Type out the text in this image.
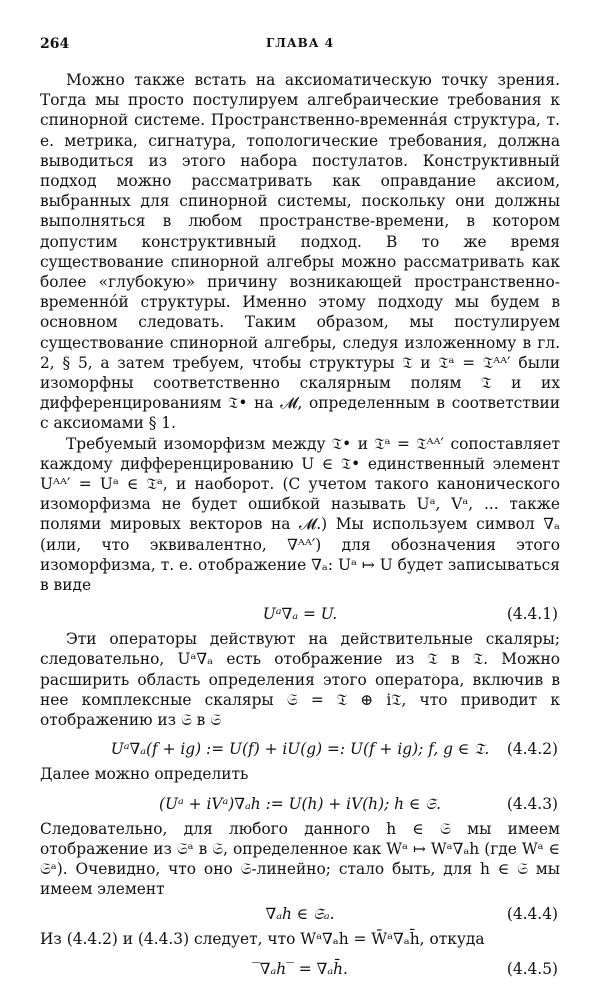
264	ГЛАВА 4

Можно также встать на аксиоматическую точку зрения. Тогда мы просто постулируем алгебраические требования к спинорной системе. Пространственно-временна́я структура, т. е. метрика, сигнатура, топологические требования, должна выводиться из этого набора постулатов. Конструктивный подход можно рассматривать как оправдание аксиом, выбранных для спинорной системы, поскольку они должны выполняться в любом пространстве-времени, в котором допустим конструктивный подход. В то же время существование спинорной алгебры можно рассматривать как более «глубокую» причину возникающей пространственно-временно́й структуры. Именно этому подходу мы будем в основном следовать. Таким образом, мы постулируем существование спинорной алгебры, следуя изложенному в гл. 2, § 5, а затем требуем, чтобы структуры 𝔗 и 𝔗ᵃ = 𝔗ᴬᴬ′ были изоморфны соответственно скалярным полям 𝔗 и их дифференцированиям 𝔗• на 𝓜, определенным в соответствии с аксиомами § 1.

Требуемый изоморфизм между 𝔗• и 𝔗ᵃ = 𝔗ᴬᴬ′ сопоставляет каждому дифференцированию U ∈ 𝔗• единственный элемент Uᴬᴬ′ = Uᵃ ∈ 𝔗ᵃ, и наоборот. (С учетом такого канонического изоморфизма не будет ошибкой называть Uᵃ, Vᵃ, ... также полями мировых векторов на 𝓜.) Мы используем символ ∇ₐ (или, что эквивалентно, ∇ᴬᴬ′) для обозначения этого изоморфизма, т. е. отображение ∇ₐ: Uᵃ ↦ U будет записываться в виде

Uᵃ∇ₐ = U.	(4.4.1)

Эти операторы действуют на действительные скаляры; следовательно, Uᵃ∇ₐ есть отображение из 𝔗 в 𝔗. Можно расширить область определения этого оператора, включив в нее комплексные скаляры 𝔖 = 𝔗 ⊕ i𝔗, что приводит к отображению из 𝔖 в 𝔖

Uᵃ∇ₐ(f + ig) := U(f) + iU(g) =: U(f + ig); f, g ∈ 𝔗. (4.4.2)

Далее можно определить

(Uᵃ + iVᵃ)∇ₐh := U(h) + iV(h); h ∈ 𝔖.	(4.4.3)

Следовательно, для любого данного h ∈ 𝔖 мы имеем отображение из 𝔖ᵃ в 𝔖, определенное как Wᵃ ↦ Wᵃ∇ₐh (где Wᵃ ∈ 𝔖ᵃ). Очевидно, что оно 𝔖-линейно; стало быть, для h ∈ 𝔖 мы имеем элемент

∇ₐh ∈ 𝔖ₐ.	(4.4.4)

Из (4.4.2) и (4.4.3) следует, что Wᵃ∇ₐh = W̄ᵃ∇ₐh̄, откуда

‾∇ₐh‾ = ∇ₐh̄.	(4.4.5)
